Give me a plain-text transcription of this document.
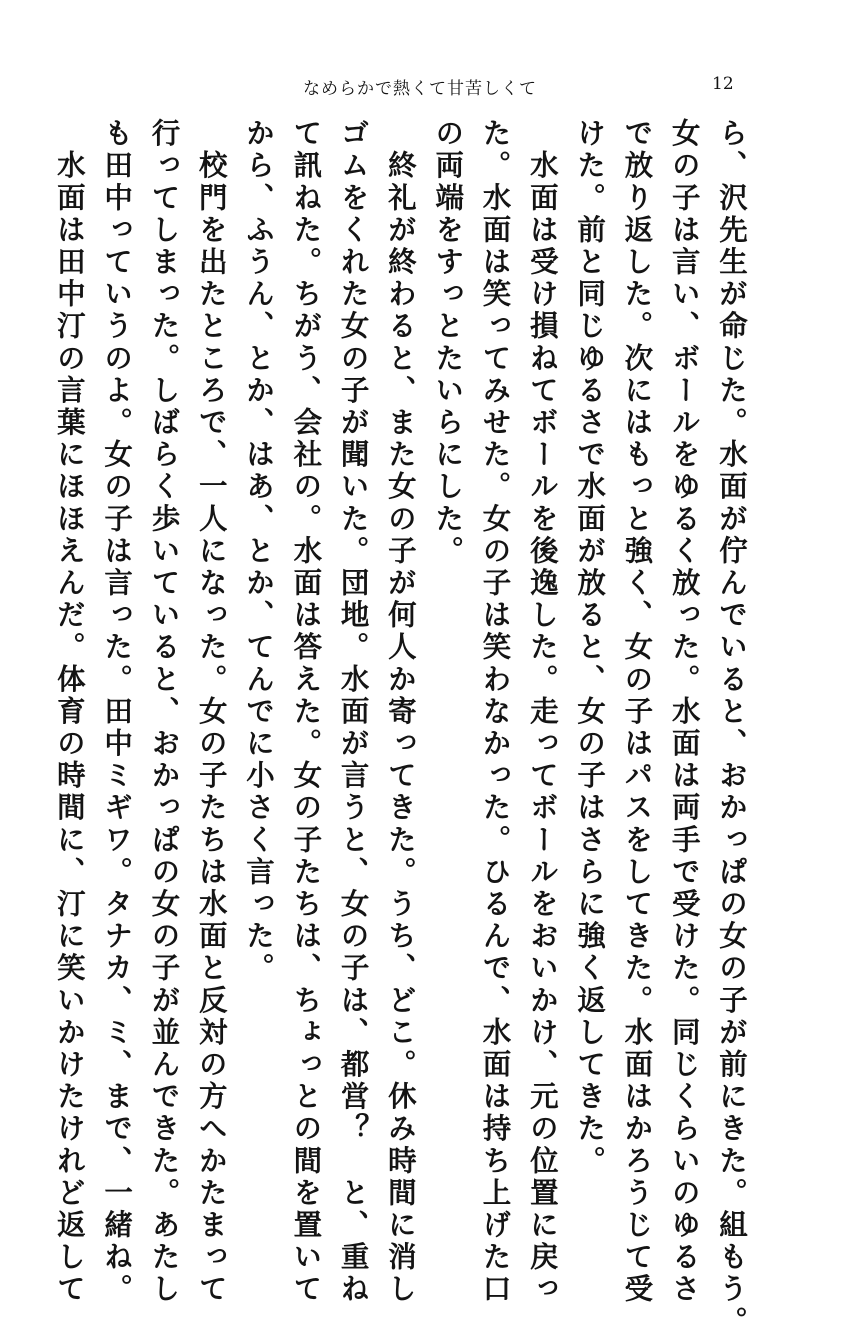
なめらかで熱くて甘苦しくて	12
ら、沢先生が命じた。水面が佇んでいると、おかっぱの女の子が前にきた。組もう。
女の子は言い、ボールをゆるく放った。水面は両手で受けた。同じくらいのゆるさ
で放り返した。次にはもっと強く、女の子はパスをしてきた。水面はかろうじて受
けた。前と同じゆるさで水面が放ると、女の子はさらに強く返してきた。
　水面は受け損ねてボールを後逸した。走ってボールをおいかけ、元の位置に戻っ
た。水面は笑ってみせた。女の子は笑わなかった。ひるんで、水面は持ち上げた口
の両端をすっとたいらにした。
　終礼が終わると、また女の子が何人か寄ってきた。うち、どこ。休み時間に消し
ゴムをくれた女の子が聞いた。団地。水面が言うと、女の子は、都営？　と、重ね
て訊ねた。ちがう、会社の。水面は答えた。女の子たちは、ちょっとの間を置いて
から、ふうん、とか、はあ、とか、てんでに小さく言った。
　校門を出たところで、一人になった。女の子たちは水面と反対の方へかたまって
行ってしまった。しばらく歩いていると、おかっぱの女の子が並んできた。あたし
も田中っていうのよ。女の子は言った。田中ミギワ。タナカ、ミ、まで、一緒ね。
　水面は田中汀の言葉にほほえんだ。体育の時間に、汀に笑いかけたけれど返して
